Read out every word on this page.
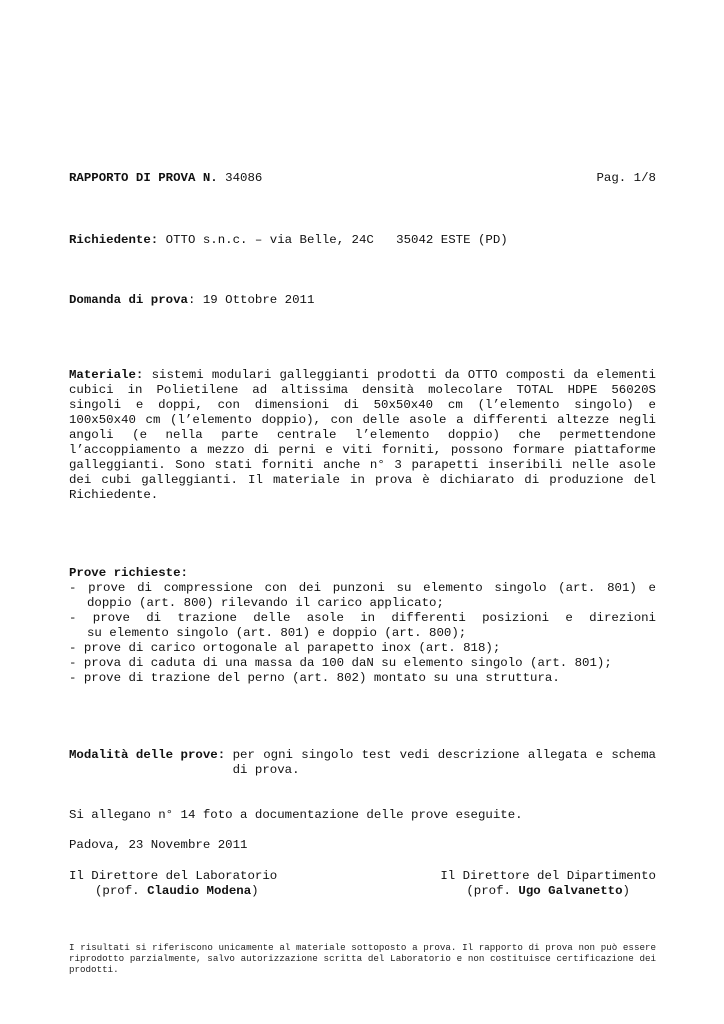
RAPPORTO DI PROVA N. 34086	Pag. 1/8
Richiedente: OTTO s.n.c. – via Belle, 24C   35042 ESTE (PD)
Domanda di prova: 19 Ottobre 2011
Materiale: sistemi modulari galleggianti prodotti da OTTO composti da elementi cubici in Polietilene ad altissima densità molecolare TOTAL HDPE 56020S singoli e doppi, con dimensioni di 50x50x40 cm (l’elemento singolo) e 100x50x40 cm (l’elemento doppio), con delle asole a differenti altezze negli angoli (e nella parte centrale l’elemento doppio) che permettendone l’accoppiamento a mezzo di perni e viti forniti, possono formare piattaforme galleggianti. Sono stati forniti anche n° 3 parapetti inseribili nelle asole dei cubi galleggianti. Il materiale in prova è dichiarato di produzione del Richiedente.
Prove richieste:
- prove di compressione con dei punzoni su elemento singolo (art. 801) e
doppio (art. 800) rilevando il carico applicato;
- prove di trazione delle asole in differenti posizioni e direzioni
su elemento singolo (art. 801) e doppio (art. 800);
- prove di carico ortogonale al parapetto inox (art. 818);
- prova di caduta di una massa da 100 daN su elemento singolo (art. 801);
- prove di trazione del perno (art. 802) montato su una struttura.
Modalità delle prove:
per ogni singolo test vedi descrizione allegata e schema di prova.
Si allegano n° 14 foto a documentazione delle prove eseguite.
Padova, 23 Novembre 2011
Il Direttore del Laboratorio
(prof. Claudio Modena)
Il Direttore del Dipartimento
(prof. Ugo Galvanetto)
I risultati si riferiscono unicamente al materiale sottoposto a prova. Il rapporto di prova non può essere riprodotto parzialmente, salvo autorizzazione scritta del Laboratorio e non costituisce certificazione dei prodotti.
